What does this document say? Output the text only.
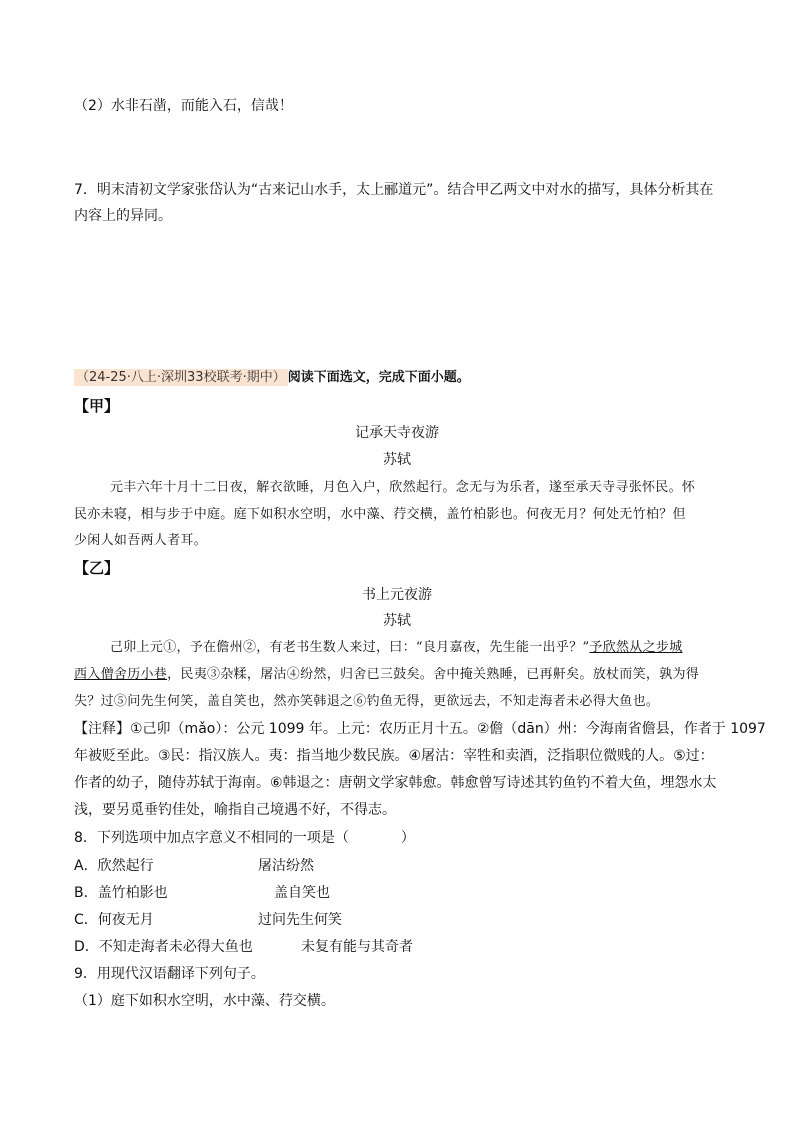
（2）水非石凿，而能入石，信哉！
7．明末清初文学家张岱认为“古来记山水手，太上郦道元”。结合甲乙两文中对水的描写，具体分析其在
内容上的异同。
（24-25·八上·深圳33校联考·期中） 阅读下面选文，完成下面小题。
【甲】
记承天寺夜游
苏轼
元丰六年十月十二日夜，解衣欲睡，月色入户，欣然起行。念无与为乐者，遂至承天寺寻张怀民。怀
民亦未寝，相与步于中庭。庭下如积水空明，水中藻、荇交横，盖竹柏影也。何夜无月？何处无竹柏？但
少闲人如吾两人者耳。
【乙】
书上元夜游
苏轼
己卯上元①，予在儋州②，有老书生数人来过，曰：“良月嘉夜，先生能一出乎？”予欣然从之步城
西入僧舍历小巷，民夷③杂糅，屠沽④纷然，归舍已三鼓矣。舍中掩关熟睡，已再鼾矣。放杖而笑，孰为得
失？过⑤问先生何笑，盖自笑也，然亦笑韩退之⑥钓鱼无得，更欲远去，不知走海者未必得大鱼也。
【注释】①己卯（mǎo）：公元 1099 年。上元：农历正月十五。②儋（dān）州：今海南省儋县，作者于 1097
年被贬至此。③民：指汉族人。夷：指当地少数民族。④屠沽：宰牲和卖酒，泛指职位微贱的人。⑤过：
作者的幼子，随侍苏轼于海南。⑥韩退之：唐朝文学家韩愈。韩愈曾写诗述其钓鱼钓不着大鱼，埋怨水太
浅，要另觅垂钓佳处，喻指自己境遇不好，不得志。
8．下列选项中加点字意义不相同的一项是（	）
A．欣然起行	屠沽纷然
B．盖竹柏影也	盖自笑也
C．何夜无月	过问先生何笑
D．不知走海者未必得大鱼也	未复有能与其奇者
9．用现代汉语翻译下列句子。
（1）庭下如积水空明，水中藻、荇交横。
